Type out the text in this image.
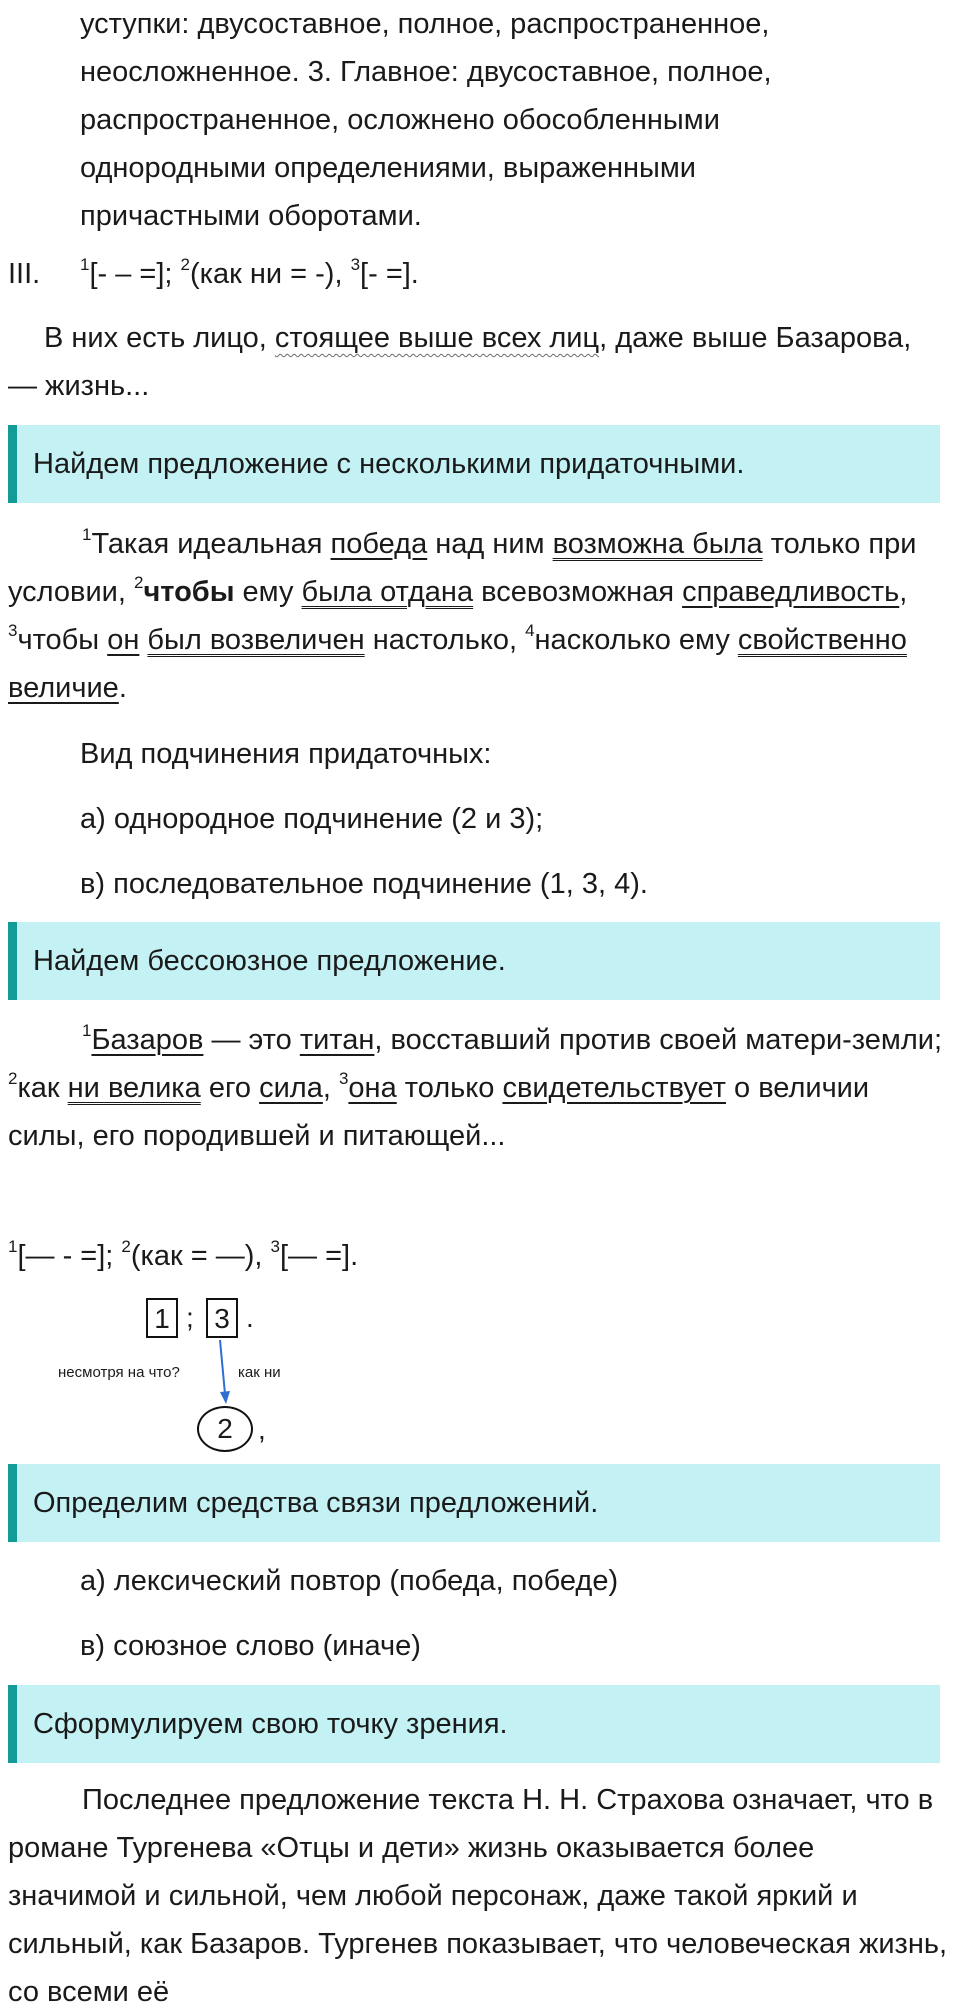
уступки: двусоставное, полное, распространенное,

неосложненное. 3. Главное: двусоставное, полное,

распространенное, осложнено обособленными

однородными определениями, выраженными

причастными оборотами.

III. $^1$[- – =]; $^2$(как ни = -), $^3$[- =].

В них есть лицо, стоящее выше всех лиц, даже выше Базарова, — жизнь...

Найдем предложение с несколькими придаточными.

$^1$Такая идеальная победа над ним возможна была только при условии, $^2$чтобы ему была отдана всевозможная справедливость, $^3$чтобы он был возвеличен настолько, $^4$насколько ему свойственно величие.

Вид подчинения придаточных:

а) однородное подчинение (2 и 3);

в) последовательное подчинение (1, 3, 4).

Найдем бессоюзное предложение.

$^1$Базаров — это титан, восставший против своей матери-земли; $^2$как ни велика его сила, $^3$она только свидетельствует о величии силы, его породившей и питающей...

$^1$[— - =]; $^2$(как = —), $^3$[— =].
1 ; 3 .
несмотря на что?	как ни
2 ,
Определим средства связи предложений.

а) лексический повтор (победа, победе)

в) союзное слово (иначе)

Сформулируем свою точку зрения.

Последнее предложение текста Н. Н. Страхова означает, что в романе Тургенева «Отцы и дети» жизнь оказывается более значимой и сильной, чем любой персонаж, даже такой яркий и сильный, как Базаров. Тургенев показывает, что человеческая жизнь, со всеми её
